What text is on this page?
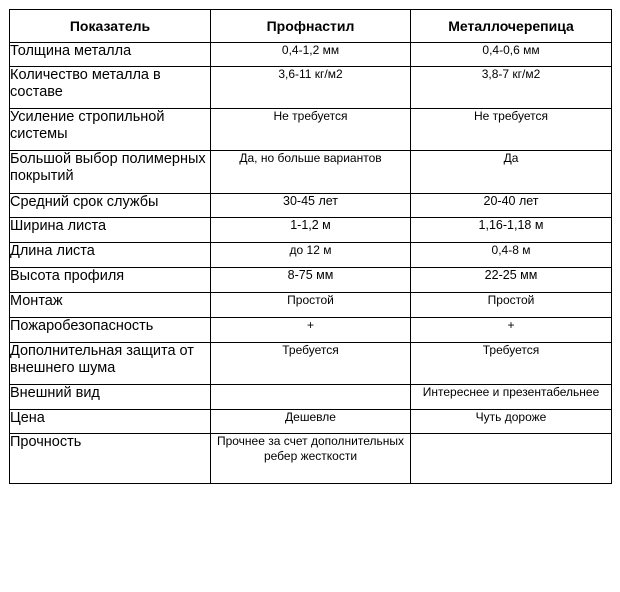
Показатель	Профнастил	Металлочерепица
Толщина металла	0,4-1,2 мм	0,4-0,6 мм
Количество металла в составе	3,6-11 кг/м2	3,8-7 кг/м2
Усиление стропильной системы	Не требуется	Не требуется
Большой выбор полимерных покрытий	Да, но больше вариантов	Да
Средний срок службы	30-45 лет	20-40 лет
Ширина листа	1-1,2 м	1,16-1,18 м
Длина листа	до 12 м	0,4-8 м
Высота профиля	8-75 мм	22-25 мм
Монтаж	Простой	Простой
Пожаробезопасность	+	+
Дополнительная защита от внешнего шума	Требуется	Требуется
Внешний вид		Интереснее и презентабельнее
Цена	Дешевле	Чуть дороже
Прочность	Прочнее за счет дополнительных ребер жесткости	
